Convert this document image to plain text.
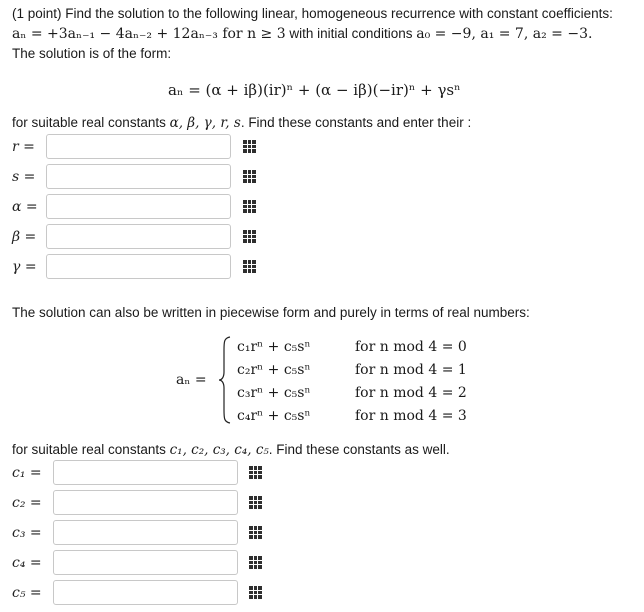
(1 point) Find the solution to the following linear, homogeneous recurrence with constant coefficients:
aₙ = +3aₙ₋₁ − 4aₙ₋₂ + 12aₙ₋₃ for n ≥ 3 with initial conditions a₀ = −9, a₁ = 7, a₂ = −3.
The solution is of the form:
aₙ = (α + iβ)(ir)ⁿ + (α − iβ)(−ir)ⁿ + γsⁿ
for suitable real constants α, β, γ, r, s. Find these constants and enter their :
r =
s =
α =
β =
γ =
The solution can also be written in piecewise form and purely in terms of real numbers:
aₙ =
c₁rⁿ + c₅sⁿ	for n mod 4 = 0
c₂rⁿ + c₅sⁿ	for n mod 4 = 1
c₃rⁿ + c₅sⁿ	for n mod 4 = 2
c₄rⁿ + c₅sⁿ	for n mod 4 = 3
for suitable real constants c₁, c₂, c₃, c₄, c₅. Find these constants as well.
c₁ =
c₂ =
c₃ =
c₄ =
c₅ =
